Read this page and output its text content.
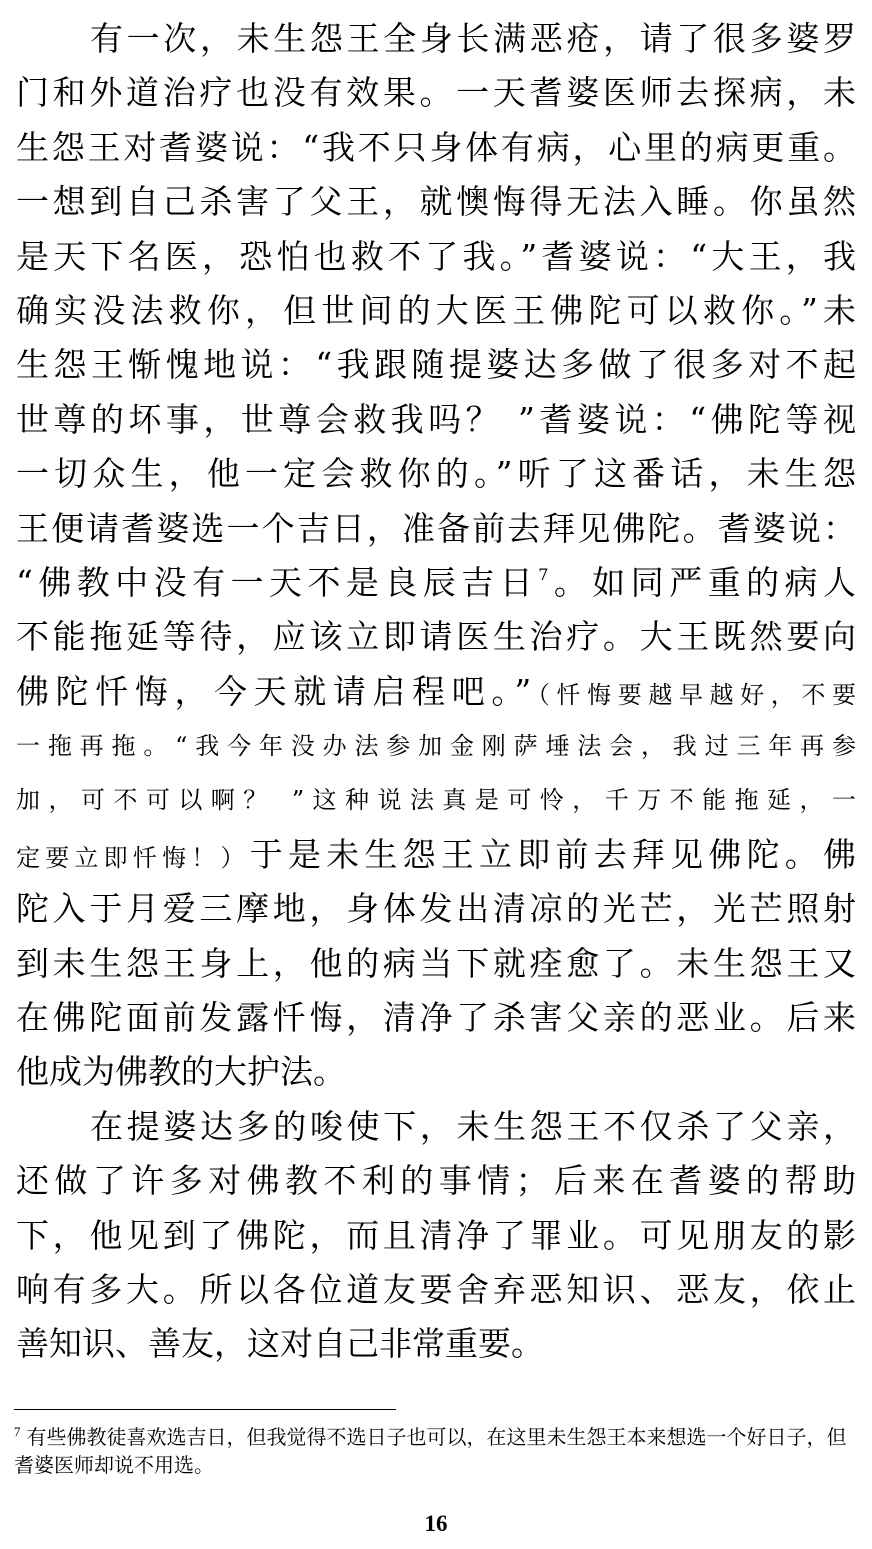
有一次，未生怨王全身长满恶疮，请了很多婆罗
门和外道治疗也没有效果。一天耆婆医师去探病，未
生怨王对耆婆说：“我不只身体有病，心里的病更重。
一想到自己杀害了父王，就懊悔得无法入睡。你虽然
是天下名医，恐怕也救不了我。”耆婆说：“大王，我
确实没法救你，但世间的大医王佛陀可以救你。”未
生怨王惭愧地说：“我跟随提婆达多做了很多对不起
世尊的坏事，世尊会救我吗？ ”耆婆说：“佛陀等视
一切众生，他一定会救你的。”听了这番话，未生怨
王便请耆婆选一个吉日，准备前去拜见佛陀。耆婆说：
“佛教中没有一天不是良辰吉日$^7$。如同严重的病人
不能拖延等待，应该立即请医生治疗。大王既然要向
佛陀忏悔，今天就请启程吧。”（忏悔要越早越好，不要
一拖再拖。“我今年没办法参加金刚萨埵法会，我过三年再参
加，可不可以啊？ ”这种说法真是可怜，千万不能拖延，一
定要立即忏悔！）于是未生怨王立即前去拜见佛陀。佛
陀入于月爱三摩地，身体发出清凉的光芒，光芒照射
到未生怨王身上，他的病当下就痊愈了。未生怨王又
在佛陀面前发露忏悔，清净了杀害父亲的恶业。后来
他成为佛教的大护法。
在提婆达多的唆使下，未生怨王不仅杀了父亲，
还做了许多对佛教不利的事情；后来在耆婆的帮助
下，他见到了佛陀，而且清净了罪业。可见朋友的影
响有多大。所以各位道友要舍弃恶知识、恶友，依止
善知识、善友，这对自己非常重要。
$^7$ 有些佛教徒喜欢选吉日，但我觉得不选日子也可以，在这里未生怨王本来想选一个好日子，但耆婆医师却说不用选。
16
